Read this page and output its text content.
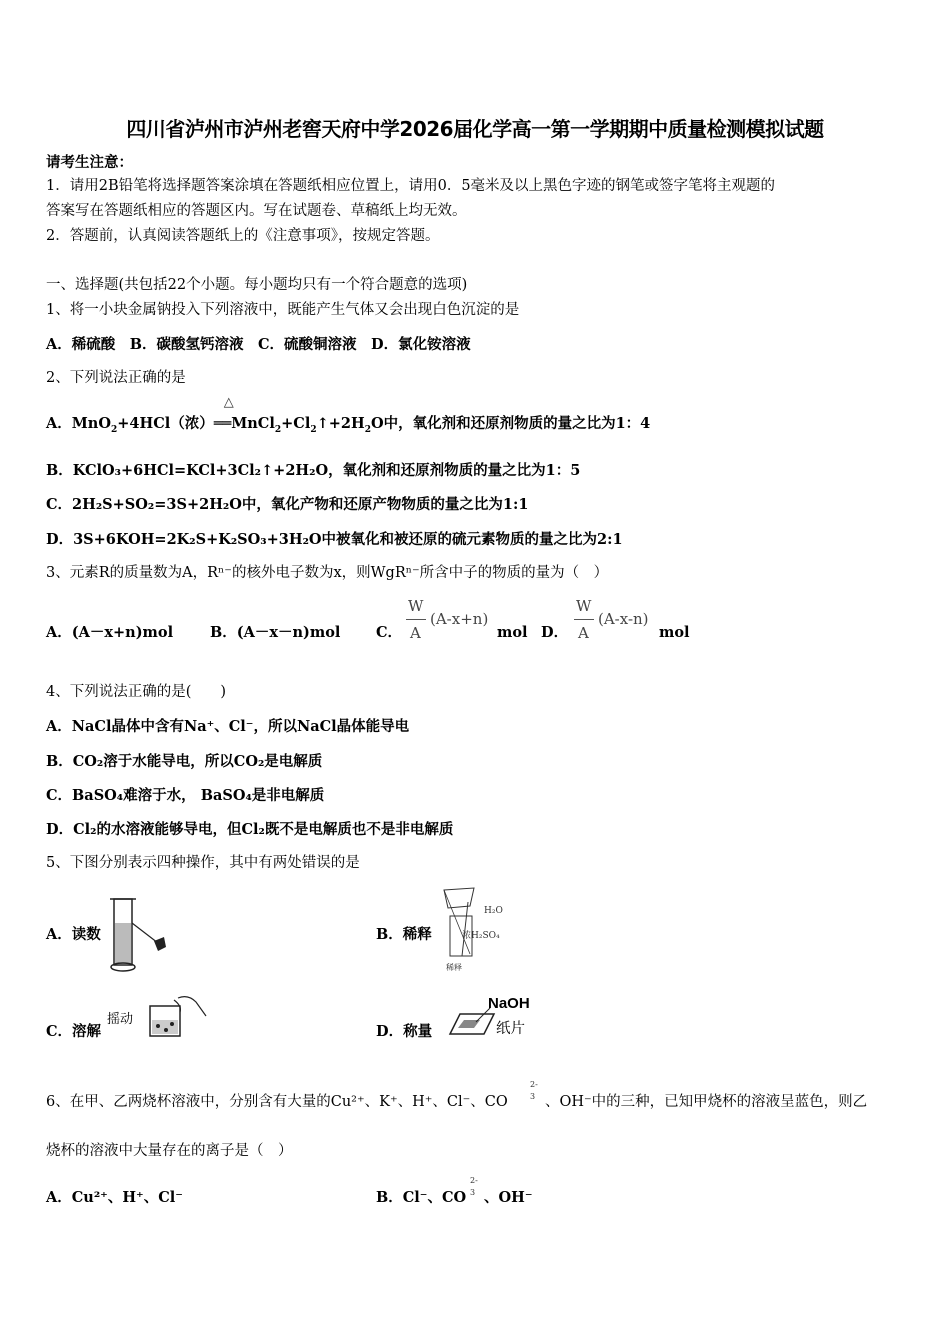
四川省泸州市泸州老窖天府中学2026届化学高一第一学期期中质量检测模拟试题
请考生注意：
1．请用2B铅笔将选择题答案涂填在答题纸相应位置上，请用0．5毫米及以上黑色字迹的钢笔或签字笔将主观题的
答案写在答题纸相应的答题区内。写在试题卷、草稿纸上均无效。
2．答题前，认真阅读答题纸上的《注意事项》，按规定答题。
一、选择题(共包括22个小题。每小题均只有一个符合题意的选项)
1、将一小块金属钠投入下列溶液中，既能产生气体又会出现白色沉淀的是
A．稀硫酸　B．碳酸氢钙溶液　C．硫酸铜溶液　D．氯化铵溶液
2、下列说法正确的是
A．MnO$_2$+4HCl（浓）
△
$══MnCl_2+Cl_2↑+2H_2O$中，氧化剂和还原剂物质的量之比为1：4
B．KClO₃+6HCl=KCl+3Cl₂↑+2H₂O，氧化剂和还原剂物质的量之比为1：5
C．2H₂S+SO₂=3S+2H₂O中，氧化产物和还原产物物质的量之比为1:1
D．3S+6KOH=2K₂S+K₂SO₃+3H₂O中被氧化和被还原的硫元素物质的量之比为2:1
3、元素R的质量数为A，Rⁿ⁻的核外电子数为x，则WgRⁿ⁻所含中子的物质的量为（　）
A．(A－x+n)mol	B．(A－x－n)mol C．
W
A
(A-x+n)
mol D．
W
A
(A-x-n)
mol
4、下列说法正确的是(　　)
A．NaCl晶体中含有Na⁺、Cl⁻，所以NaCl晶体能导电
B．CO₂溶于水能导电，所以CO₂是电解质
C．BaSO₄难溶于水， BaSO₄是非电解质
D．Cl₂的水溶液能够导电，但Cl₂既不是电解质也不是非电解质
5、下图分别表示四种操作，其中有两处错误的是
A．读数	B．稀释
H₂O
浓H₂SO₄
稀释
C．溶解
摇动
D．称量
NaOH
纸片
6、在甲、乙两烧杯溶液中，分别含有大量的Cu²⁺、K⁺、H⁺、Cl⁻、CO
2-
3 、OH⁻中的三种，已知甲烧杯的溶液呈蓝色，则乙
烧杯的溶液中大量存在的离子是（　）
A．Cu²⁺、H⁺、Cl⁻	B．Cl⁻、CO
2-
3 、OH⁻
